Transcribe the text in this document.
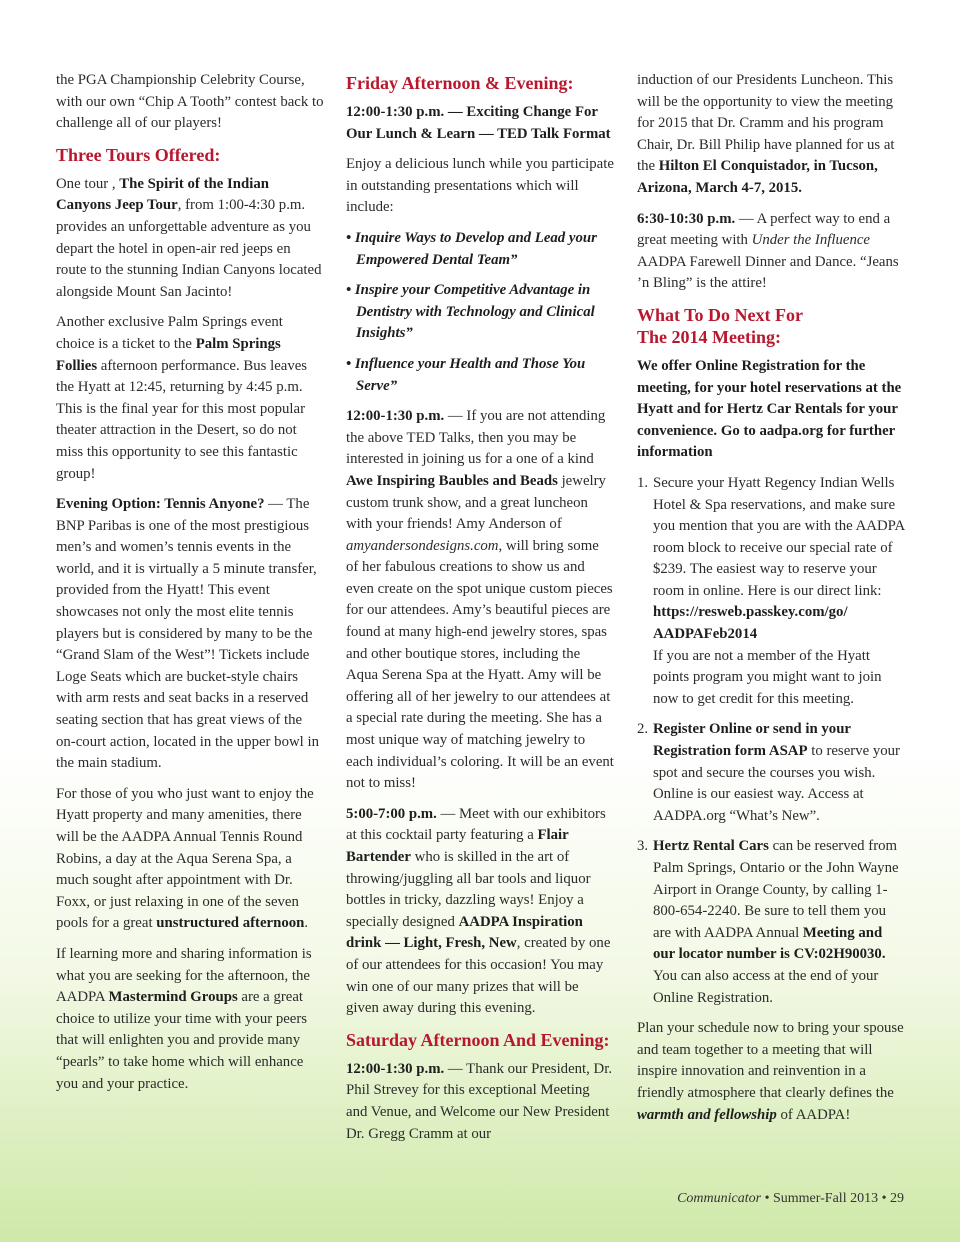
the PGA Championship Celebrity Course, with our own “Chip A Tooth” contest back to challenge all of our players!

Three Tours Offered:

One tour , The Spirit of the Indian Canyons Jeep Tour, from 1:00-4:30 p.m. provides an unforgettable adventure as you depart the hotel in open-air red jeeps en route to the stunning Indian Canyons located alongside Mount San Jacinto!

Another exclusive Palm Springs event choice is a ticket to the Palm Springs Follies afternoon performance. Bus leaves the Hyatt at 12:45, returning by 4:45 p.m. This is the final year for this most popular theater attraction in the Desert, so do not miss this opportunity to see this fantastic group!

Evening Option: Tennis Anyone? — The BNP Paribas is one of the most prestigious men’s and women’s tennis events in the world, and it is virtually a 5 minute transfer, provided from the Hyatt! This event showcases not only the most elite tennis players but is considered by many to be the “Grand Slam of the West”! Tickets include Loge Seats which are bucket-style chairs with arm rests and seat backs in a reserved seating section that has great views of the on-court action, located in the upper bowl in the main stadium.

For those of you who just want to enjoy the Hyatt property and many amenities, there will be the AADPA Annual Tennis Round Robins, a day at the Aqua Serena Spa, a much sought after appointment with Dr. Foxx, or just relaxing in one of the seven pools for a great unstructured afternoon.

If learning more and sharing information is what you are seeking for the afternoon, the AADPA Mastermind Groups are a great choice to utilize your time with your peers that will enlighten you and provide many “pearls” to take home which will enhance you and your practice.

Friday Afternoon & Evening:

12:00-1:30 p.m. — Exciting Change For Our Lunch & Learn — TED Talk Format

Enjoy a delicious lunch while you participate in outstanding presentations which will include:

• Inquire Ways to Develop and Lead your Empowered Dental Team”
• Inspire your Competitive Advantage in Dentistry with Technology and Clinical Insights”
• Influence your Health and Those You Serve”

12:00-1:30 p.m. — If you are not attending the above TED Talks, then you may be interested in joining us for a one of a kind Awe Inspiring Baubles and Beads jewelry custom trunk show, and a great luncheon with your friends! Amy Anderson of amyandersondesigns.com, will bring some of her fabulous creations to show us and even create on the spot unique custom pieces for our attendees. Amy’s beautiful pieces are found at many high-end jewelry stores, spas and other boutique stores, including the Aqua Serena Spa at the Hyatt. Amy will be offering all of her jewelry to our attendees at a special rate during the meeting. She has a most unique way of matching jewelry to each individual’s coloring. It will be an event not to miss!

5:00-7:00 p.m. — Meet with our exhibitors at this cocktail party featuring a Flair Bartender who is skilled in the art of throwing/juggling all bar tools and liquor bottles in tricky, dazzling ways! Enjoy a specially designed AADPA Inspiration drink — Light, Fresh, New, created by one of our attendees for this occasion! You may win one of our many prizes that will be given away during this evening.

Saturday Afternoon And Evening:

12:00-1:30 p.m. — Thank our President, Dr. Phil Strevey for this exceptional Meeting and Venue, and Welcome our New President Dr. Gregg Cramm at our

induction of our Presidents Luncheon. This will be the opportunity to view the meeting for 2015 that Dr. Cramm and his program Chair, Dr. Bill Philip have planned for us at the Hilton El Conquistador, in Tucson, Arizona, March 4-7, 2015.

6:30-10:30 p.m. — A perfect way to end a great meeting with Under the Influence AADPA Farewell Dinner and Dance. “Jeans ’n Bling” is the attire!

What To Do Next For
The 2014 Meeting:

We offer Online Registration for the meeting, for your hotel reservations at the Hyatt and for Hertz Car Rentals for your convenience. Go to aadpa.org for further information

1. Secure your Hyatt Regency Indian Wells Hotel & Spa reservations, and make sure you mention that you are with the AADPA room block to receive our special rate of $239. The easiest way to reserve your room in online. Here is our direct link: https://resweb.passkey.com/go/ AADPAFeb2014
If you are not a member of the Hyatt points program you might want to join now to get credit for this meeting.
2. Register Online or send in your Registration form ASAP to reserve your spot and secure the courses you wish. Online is our easiest way. Access at AADPA.org “What’s New”.
3. Hertz Rental Cars can be reserved from Palm Springs, Ontario or the John Wayne Airport in Orange County, by calling 1-800-654-2240. Be sure to tell them you are with AADPA Annual Meeting and our locator number is CV:02H90030. You can also access at the end of your Online Registration.

Plan your schedule now to bring your spouse and team together to a meeting that will inspire innovation and reinvention in a friendly atmosphere that clearly defines the warmth and fellowship of AADPA!

Communicator • Summer-Fall 2013 • 29
